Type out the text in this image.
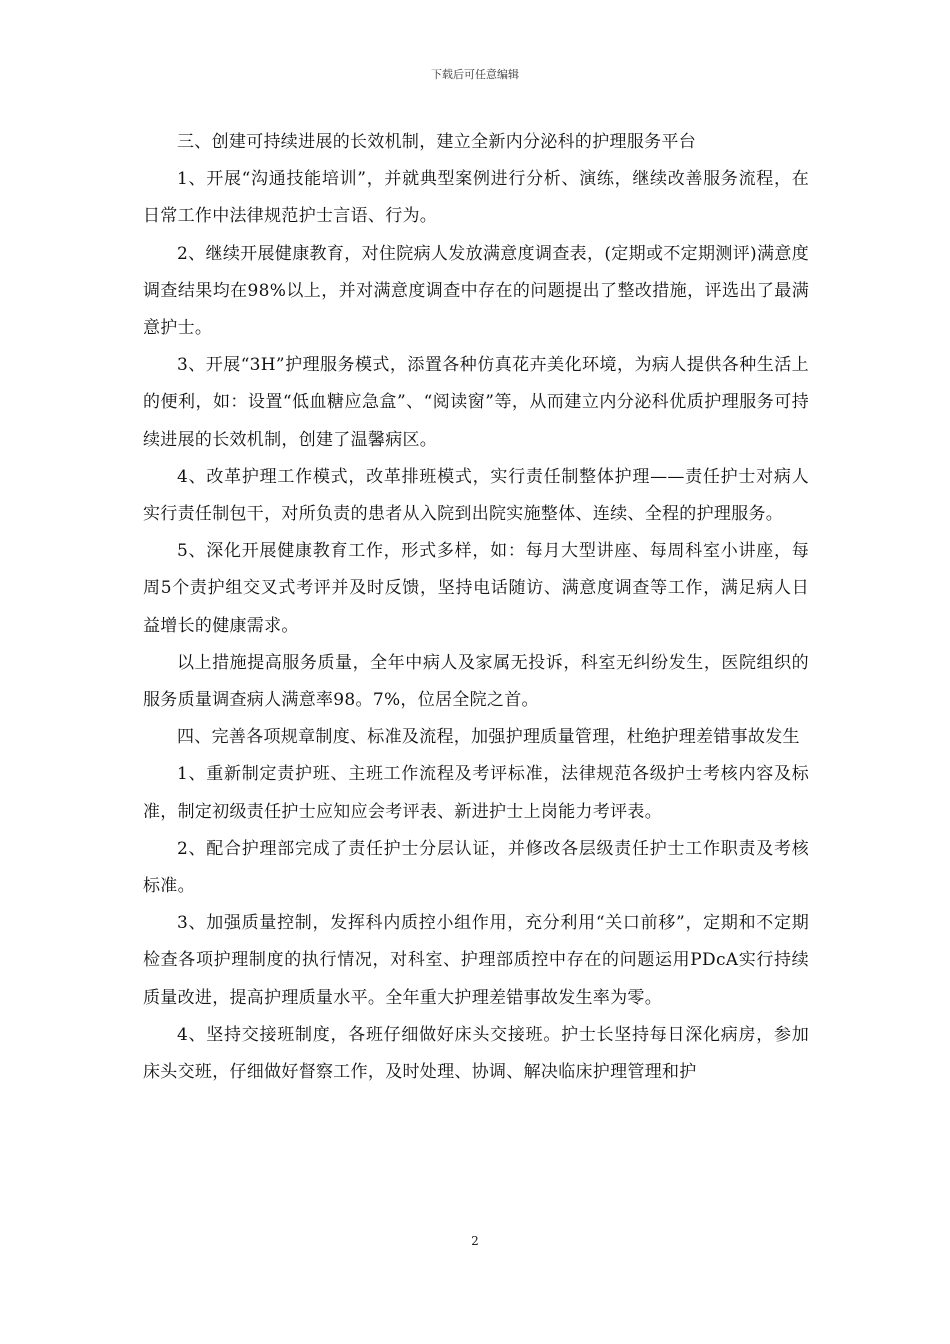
下载后可任意编辑

三、创建可持续进展的长效机制，建立全新内分泌科的护理服务平台

1、开展“沟通技能培训”，并就典型案例进行分析、演练，继续改善服务流程，在日常工作中法律规范护士言语、行为。

2、继续开展健康教育，对住院病人发放满意度调查表，(定期或不定期测评)满意度调查结果均在98%以上，并对满意度调查中存在的问题提出了整改措施，评选出了最满意护士。

3、开展“3H”护理服务模式，添置各种仿真花卉美化环境，为病人提供各种生活上的便利，如：设置“低血糖应急盒”、“阅读窗”等，从而建立内分泌科优质护理服务可持续进展的长效机制，创建了温馨病区。

4、改革护理工作模式，改革排班模式，实行责任制整体护理——责任护士对病人实行责任制包干，对所负责的患者从入院到出院实施整体、连续、全程的护理服务。

5、深化开展健康教育工作，形式多样，如：每月大型讲座、每周科室小讲座，每周5个责护组交叉式考评并及时反馈，坚持电话随访、满意度调查等工作，满足病人日益增长的健康需求。

以上措施提高服务质量，全年中病人及家属无投诉，科室无纠纷发生，医院组织的服务质量调查病人满意率98。7%，位居全院之首。

四、完善各项规章制度、标准及流程，加强护理质量管理，杜绝护理差错事故发生

1、重新制定责护班、主班工作流程及考评标准，法律规范各级护士考核内容及标准，制定初级责任护士应知应会考评表、新进护士上岗能力考评表。

2、配合护理部完成了责任护士分层认证，并修改各层级责任护士工作职责及考核标准。

3、加强质量控制，发挥科内质控小组作用，充分利用“关口前移”，定期和不定期检查各项护理制度的执行情况，对科室、护理部质控中存在的问题运用PDcA实行持续质量改进，提高护理质量水平。全年重大护理差错事故发生率为零。

4、坚持交接班制度，各班仔细做好床头交接班。护士长坚持每日深化病房，参加床头交班，仔细做好督察工作，及时处理、协调、解决临床护理管理和护

2
